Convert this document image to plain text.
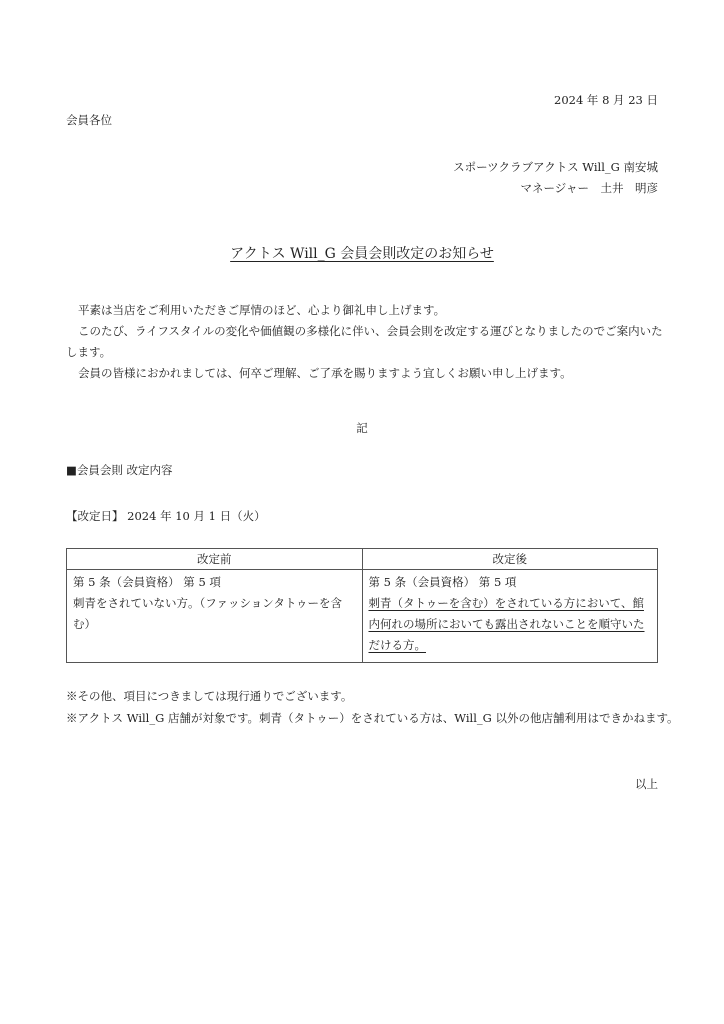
2024 年 8 月 23 日
会員各位
スポーツクラブアクトス Will_G 南安城
マネージャー　土井　明彦
アクトス Will_G 会員会則改定のお知らせ
平素は当店をご利用いただきご厚情のほど、心より御礼申し上げます。
このたび、ライフスタイルの変化や価値観の多様化に伴い、会員会則を改定する運びとなりましたのでご案内いたします。
会員の皆様におかれましては、何卒ご理解、ご了承を賜りますよう宜しくお願い申し上げます。
記
■会員会則 改定内容
【改定日】 2024 年 10 月 1 日（火）
改定前	改定後

第 5 条（会員資格） 第 5 項
刺青をされていない方。（ファッションタトゥーを含む）

第 5 条（会員資格） 第 5 項
刺青（タトゥーを含む）をされている方において、館内何れの場所においても露出されないことを順守いただける方。
※その他、項目につきましては現行通りでございます。
※アクトス Will_G 店舗が対象です。刺青（タトゥー）をされている方は、Will_G 以外の他店舗利用はできかねます。
以上
